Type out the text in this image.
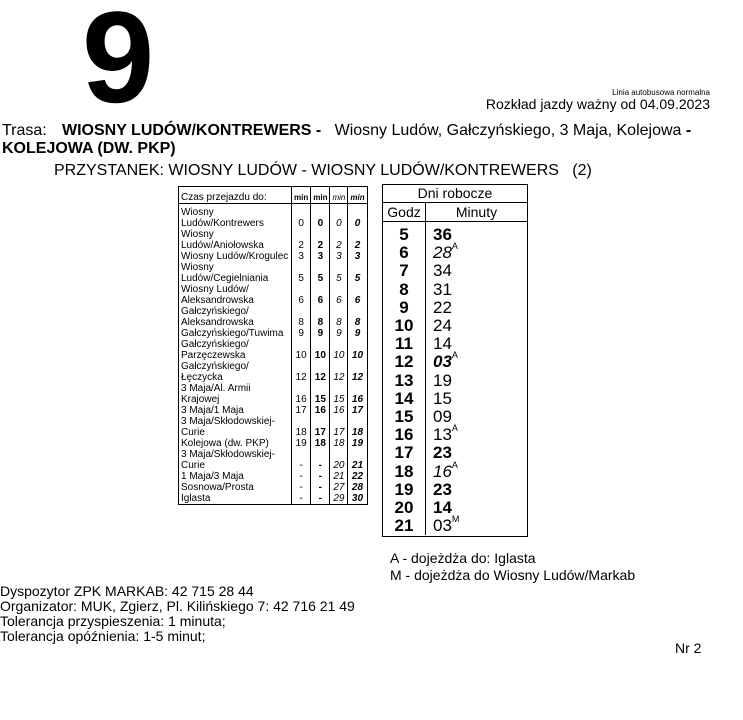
9	Linia autobusowa normalna
Rozkład jazdy ważny od 04.09.2023
Trasa: WIOSNY LUDÓW/KONTREWERS - Wiosny Ludów, Gałczyńskiego, 3 Maja, Kolejowa - KOLEJOWA (DW. PKP)
PRZYSTANEK: WIOSNY LUDÓW - WIOSNY LUDÓW/KONTREWERS (2)
Czas przejazdu do:	min	min	min	min
Wiosny Ludów/Kontrewers	0	0	0	0
Wiosny Ludów/Aniołowska	2	2	2	2
Wiosny Ludów/Krogulec	3	3	3	3
Wiosny Ludów/Cegielniania	5	5	5	5
Wiosny Ludów/ Aleksandrowska	6	6	6	6
Gałczyńskiego/ Aleksandrowska	8	8	8	8
Gałczyńskiego/Tuwima	9	9	9	9
Gałczyńskiego/ Parzęczewska	10	10	10	10
Gałczyńskiego/Łęczycka	12	12	12	12
3 Maja/Al. Armii Krajowej	16	15	15	16
3 Maja/1 Maja	17	16	16	17
3 Maja/Skłodowskiej-Curie	18	17	17	18
Kolejowa (dw. PKP)	19	18	18	19
3 Maja/Skłodowskiej-Curie	-	-	20	21
1 Maja/3 Maja	-	-	21	22
Sosnowa/Prosta	-	-	27	28
Iglasta	-	-	29	30
Dni robocze
Godz	Minuty
5	36
6	$28^A$
7	34
8	31
9	22
10	24
11	14
12	$03^A$
13	19
14	15
15	09
16	$13^A$
17	23
18	$16^A$
19	23
20	14
21	$03^M$
A - dojeżdża do: Iglasta
M - dojeżdża do Wiosny Ludów/Markab
Dyspozytor ZPK MARKAB: 42 715 28 44
Organizator: MUK, Zgierz, Pl. Kilińskiego 7: 42 716 21 49
Tolerancja przyspieszenia: 1 minuta;
Tolerancja opóźnienia: 1-5 minut;
Nr 2
